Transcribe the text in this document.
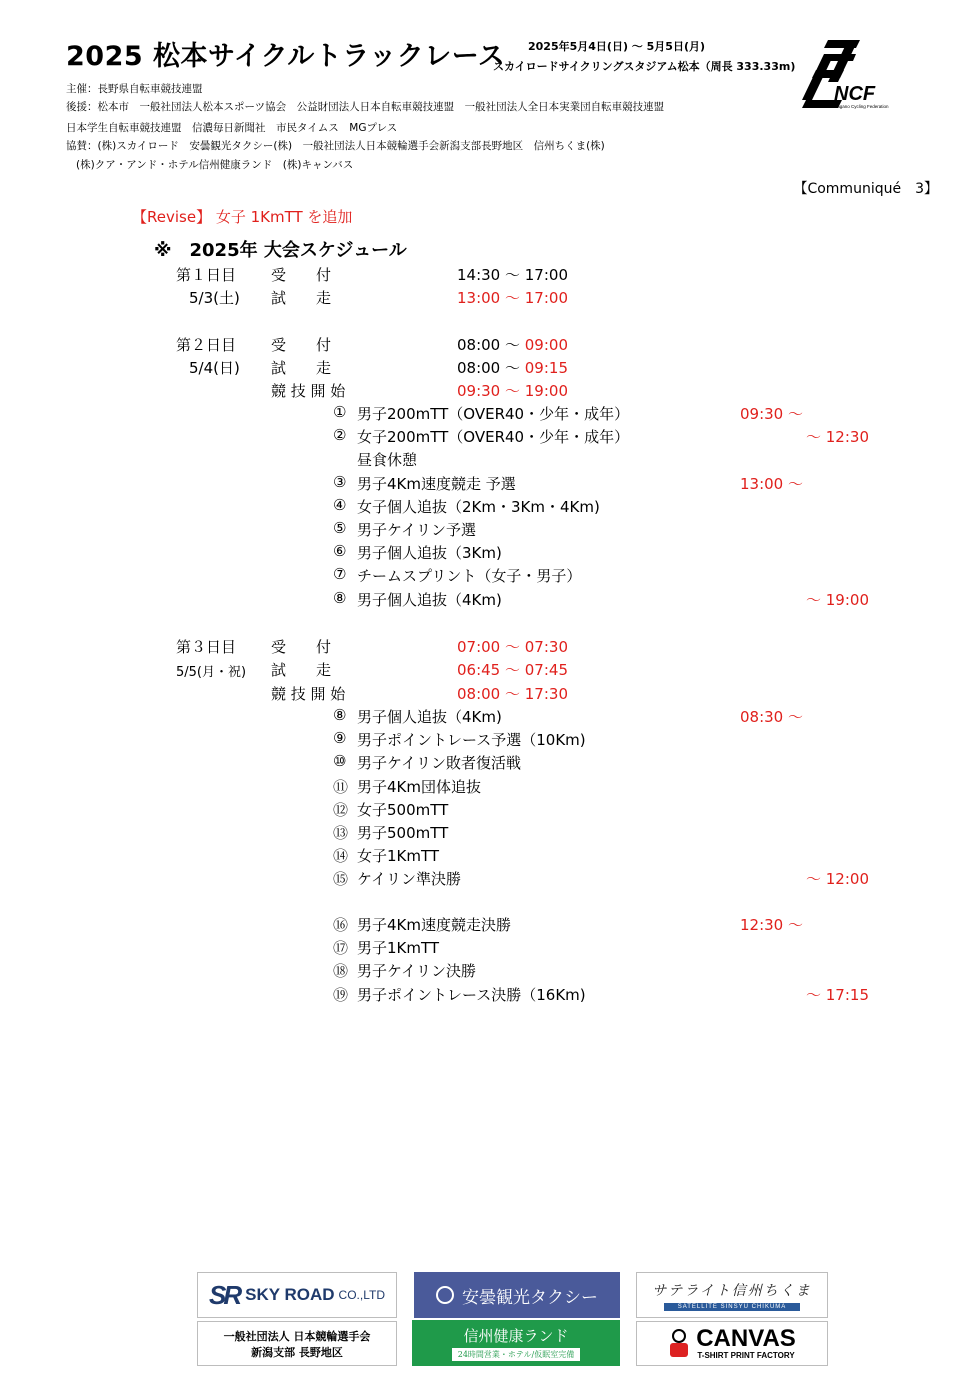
2025 松本サイクルトラックレース 2025年5月4日(日) ～ 5月5日(月)
スカイロードサイクリングスタジアム松本（周長 333.33m)
NCF
Nagano Cycling Federation
主催：長野県自転車競技連盟
後援：松本市　一般社団法人松本スポーツ協会　公益財団法人日本自転車競技連盟　一般社団法人全日本実業団自転車競技連盟
日本学生自転車競技連盟　信濃毎日新聞社　市民タイムス　MGプレス
協賛：(株)スカイロード　安曇観光タクシー(株)　一般社団法人日本競輪選手会新潟支部長野地区　信州ちくま(株)
(株)クア・アンド・ホテル信州健康ランド　(株)キャンバス
【Communiqué　3】
【Revise】 女子 1KmTT を追加
※　2025年 大会スケジュール
第１日目 受　　付	14:30 ～ 17:00
5/3(土) 試　　走	13:00 ～ 17:00
第２日目 受　　付	08:00 ～ 09:00
5/4(日) 試　　走	08:00 ～ 09:15
競 技 開 始	09:30 ～ 19:00
① 男子200mTT（OVER40・少年・成年）	09:30 ～
② 女子200mTT（OVER40・少年・成年）	～ 12:30
昼食休憩
③ 男子4Km速度競走 予選	13:00 ～
④ 女子個人追抜（2Km・3Km・4Km)
⑤ 男子ケイリン予選
⑥ 男子個人追抜（3Km)
⑦ チームスプリント（女子・男子）
⑧ 男子個人追抜（4Km)	～ 19:00
第３日目 受　　付	07:00 ～ 07:30
5/5(月・祝) 試　　走	06:45 ～ 07:45
競 技 開 始	08:00 ～ 17:30
⑧ 男子個人追抜（4Km)	08:30 ～
⑨ 男子ポイントレース予選（10Km)
⑩ 男子ケイリン敗者復活戦
⑪ 男子4Km団体追抜
⑫ 女子500mTT
⑬ 男子500mTT
⑭ 女子1KmTT
⑮ ケイリン準決勝	～ 12:00
⑯ 男子4Km速度競走決勝	12:30 ～
⑰ 男子1KmTT
⑱ 男子ケイリン決勝
⑲ 男子ポイントレース決勝（16Km)	～ 17:15
SR SKY ROAD CO.,LTD	安曇観光タクシー	サテライト信州ちくま
SATELLITE SINSYU CHIKUMA
一般社団法人 日本競輪選手会
新潟支部 長野地区
信州健康ランド
24時間営業・ホテル/仮眠室完備
CANVAS
T-SHIRT PRINT FACTORY
